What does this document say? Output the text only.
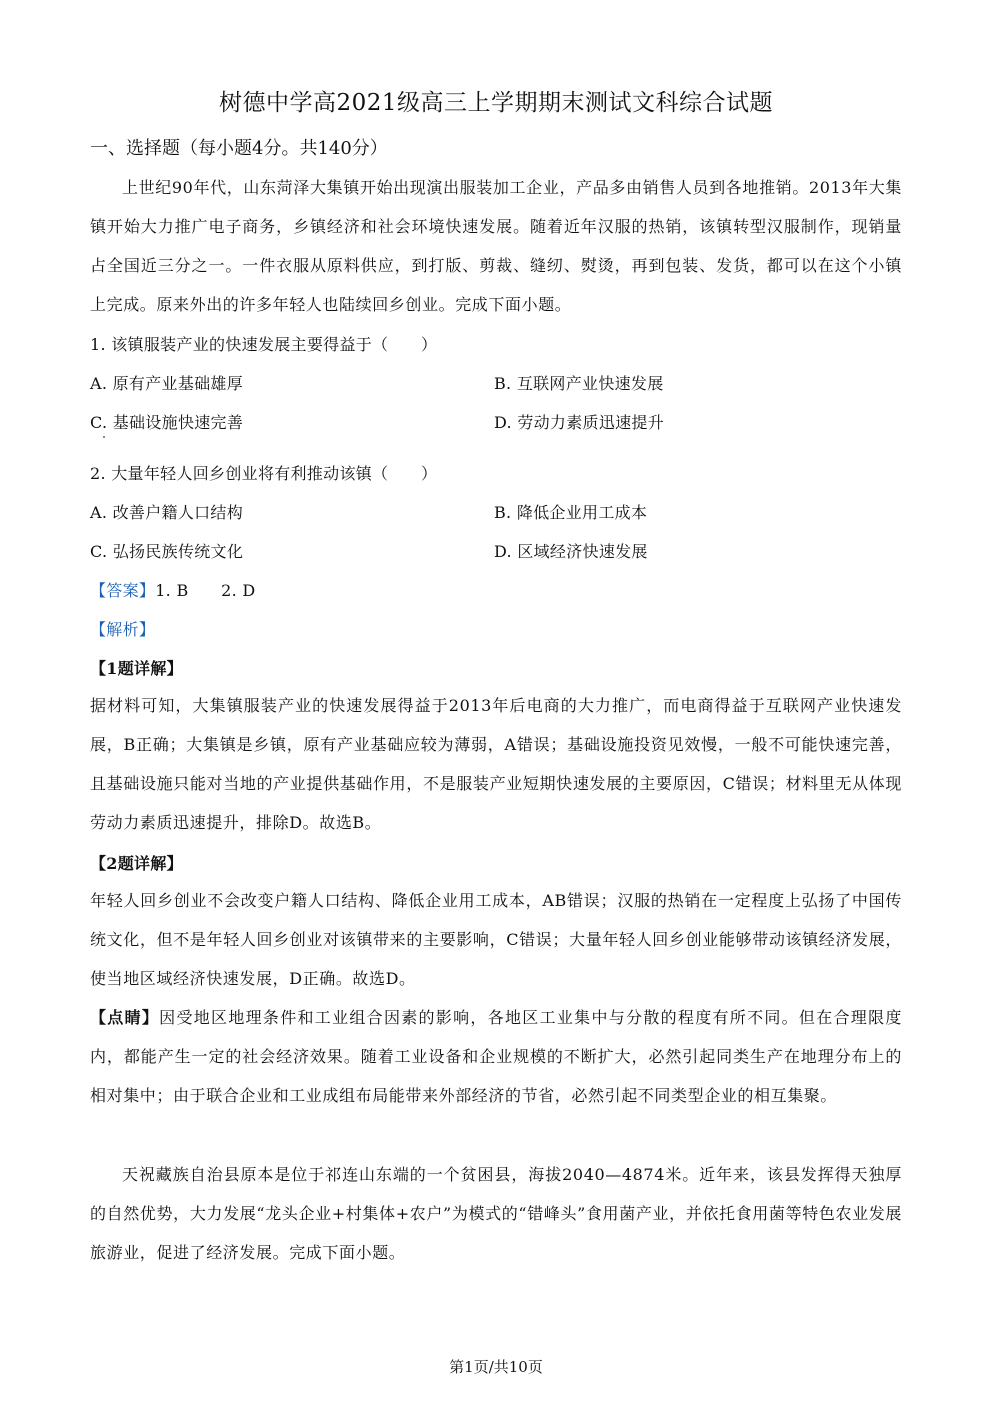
树德中学高2021级高三上学期期末测试文科综合试题
一、选择题（每小题4分。共140分）
上世纪90年代，山东菏泽大集镇开始出现演出服装加工企业，产品多由销售人员到各地推销。2013年大集镇开始大力推广电子商务，乡镇经济和社会环境快速发展。随着近年汉服的热销，该镇转型汉服制作，现销量占全国近三分之一。一件衣服从原料供应，到打版、剪裁、缝纫、熨烫，再到包装、发货，都可以在这个小镇上完成。原来外出的许多年轻人也陆续回乡创业。完成下面小题。
1. 该镇服装产业的快速发展主要得益于（　　）
A. 原有产业基础雄厚	B. 互联网产业快速发展
C. 基础设施快速完善	D. 劳动力素质迅速提升
2. 大量年轻人回乡创业将有利推动该镇（　　）
A. 改善户籍人口结构	B. 降低企业用工成本
C. 弘扬民族传统文化	D. 区域经济快速发展
【答案】1. B　　2. D
【解析】
【1题详解】
据材料可知，大集镇服装产业的快速发展得益于2013年后电商的大力推广，而电商得益于互联网产业快速发展，B正确；大集镇是乡镇，原有产业基础应较为薄弱，A错误；基础设施投资见效慢，一般不可能快速完善，且基础设施只能对当地的产业提供基础作用，不是服装产业短期快速发展的主要原因，C错误；材料里无从体现劳动力素质迅速提升，排除D。故选B。
【2题详解】
年轻人回乡创业不会改变户籍人口结构、降低企业用工成本，AB错误；汉服的热销在一定程度上弘扬了中国传统文化，但不是年轻人回乡创业对该镇带来的主要影响，C错误；大量年轻人回乡创业能够带动该镇经济发展，使当地区域经济快速发展，D正确。故选D。
【点睛】因受地区地理条件和工业组合因素的影响，各地区工业集中与分散的程度有所不同。但在合理限度内，都能产生一定的社会经济效果。随着工业设备和企业规模的不断扩大，必然引起同类生产在地理分布上的相对集中；由于联合企业和工业成组布局能带来外部经济的节省，必然引起不同类型企业的相互集聚。
天祝藏族自治县原本是位于祁连山东端的一个贫困县，海拔2040—4874米。近年来，该县发挥得天独厚的自然优势，大力发展“龙头企业+村集体+农户”为模式的“错峰头”食用菌产业，并依托食用菌等特色农业发展旅游业，促进了经济发展。完成下面小题。
第1页/共10页
